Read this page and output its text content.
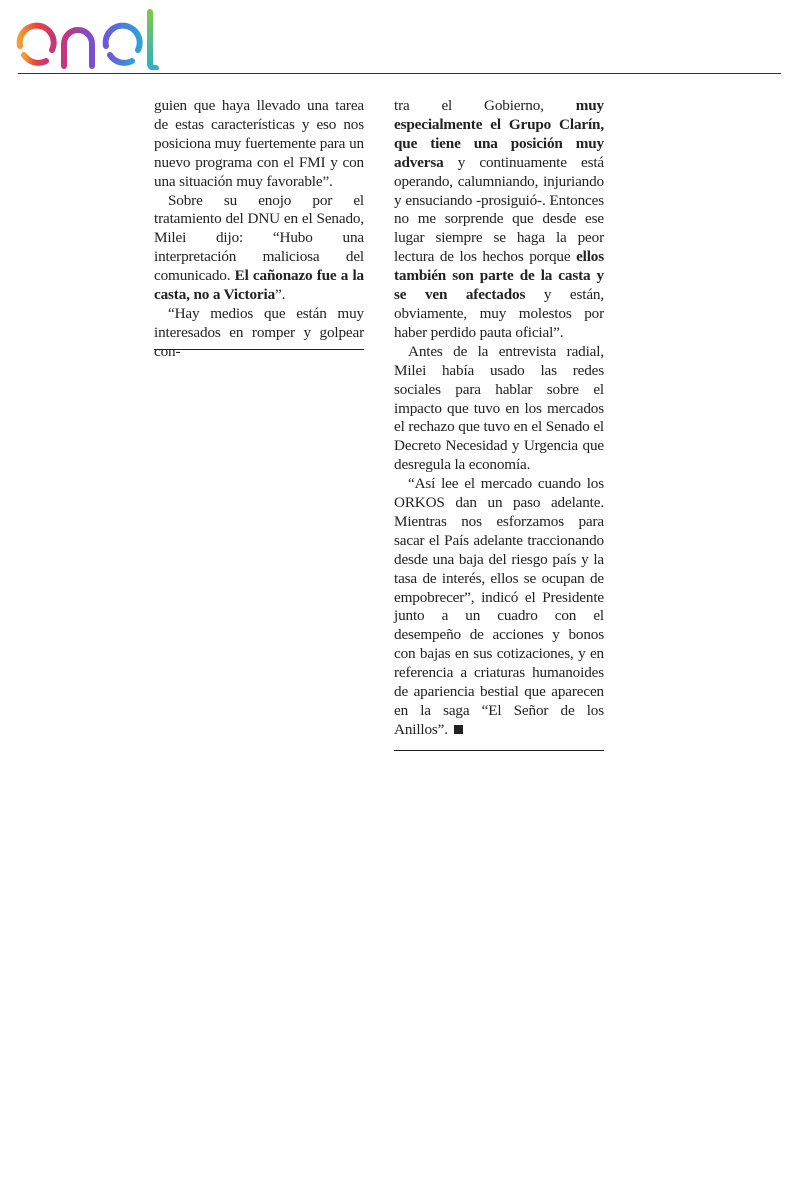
guien que haya llevado una tarea de estas características y eso nos posiciona muy fuertemente para un nuevo programa con el FMI y con una situación muy favorable”.

Sobre su enojo por el tratamiento del DNU en el Senado, Milei dijo: “Hubo una interpretación maliciosa del comunicado. El cañonazo fue a la casta, no a Victoria”.

“Hay medios que están muy interesados en romper y golpear con-

tra el Gobierno, muy especialmente el Grupo Clarín, que tiene una posición muy adversa y continuamente está operando, calumniando, injuriando y ensuciando -prosiguió-. Entonces no me sorprende que desde ese lugar siempre se haga la peor lectura de los hechos porque ellos también son parte de la casta y se ven afectados y están, obviamente, muy molestos por haber perdido pauta oficial”.

Antes de la entrevista radial, Milei había usado las redes sociales para hablar sobre el impacto que tuvo en los mercados el rechazo que tuvo en el Senado el Decreto Necesidad y Urgencia que desregula la economía.

“Así lee el mercado cuando los ORKOS dan un paso adelante. Mientras nos esforzamos para sacar el País adelante traccionando desde una baja del riesgo país y la tasa de interés, ellos se ocupan de empobrecer”, indicó el Presidente junto a un cuadro con el desempeño de acciones y bonos con bajas en sus cotizaciones, y en referencia a criaturas humanoides de apariencia bestial que aparecen en la saga “El Señor de los Anillos”.
